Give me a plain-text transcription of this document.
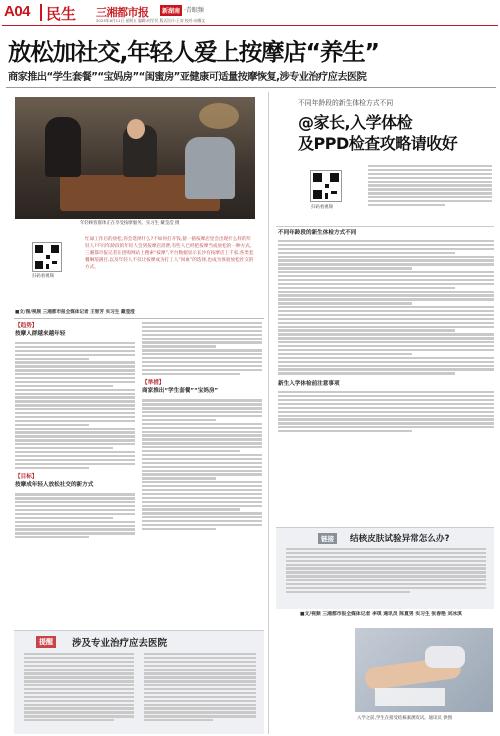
A04 民生 三湘都市报	新湖南 ·青眼频
2023年8月11日 星期五 编辑:何学民 版式设计:王涛 校对:向娜文
放松加社交,年轻人爱上按摩店“养生”
商家推出“学生套餐”“宝妈房”“闺蜜房”亚健康可适量按摩恢复,涉专业治疗应去医院
年轻顾客群体正在享受按摩服务。实习生 戴莹滢 摄
扫码看视频
忙碌工作后的放松,你会选择什么?不如何打开钱,猜一猜按摩店里会出现什么样的年轻人?不同年龄段的年轻人会到按摩店消费,有些人已经把按摩当成放松的一种方式。三湘都市报记者在团购网站上搜索“按摩”,平台数据显示长沙有按摩店上千家,各类套餐琳琅满目,以及年轻人不仅让按摩成为打工人“回血”的选择,也成为体验放松社交的方式。
■文/图/视频 三湘都市报全媒体记者 王智芳 实习生 戴莹滢
【趋势】
按摩人群越来越年轻
【目标】
按摩成年轻人放松社交的新方式
【举措】
商家推出“学生套餐”“宝妈房”
提醒	涉及专业治疗应去医院
不同年龄段的新生体检方式不同
@家长,入学体检
及PPD检查攻略请收好
扫码看视频
不同年龄段的新生体检方式不同
新生入学体检前注意事项
链接	结核皮肤试验异常怎么办?
■文/视频 三湘都市报全媒体记者 李琪 通讯员 陈夏男 实习生 张春艳 刘冰淇
入学之前,学生在接受结核素测皮试。通讯员 供图
